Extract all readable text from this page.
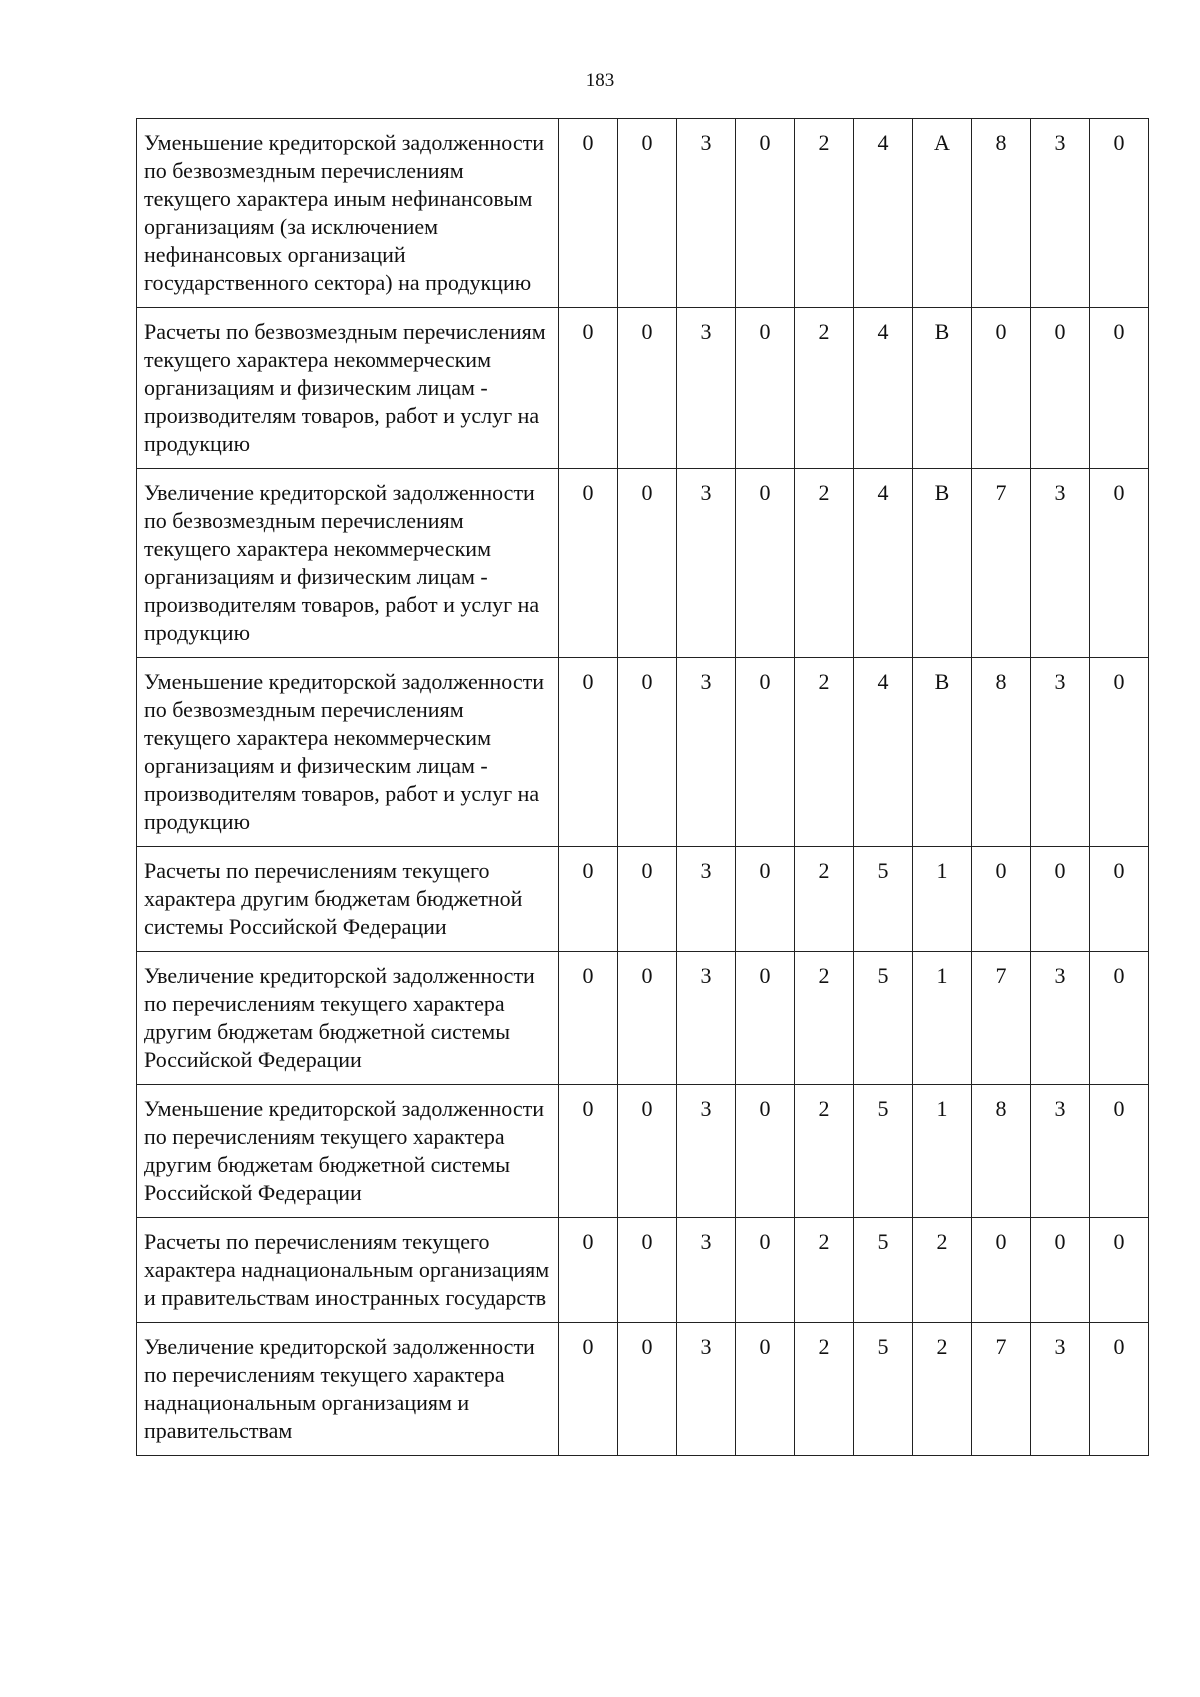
183
Уменьшение кредиторской задолженности по безвозмездным перечислениям текущего характера иным нефинансовым организациям (за исключением нефинансовых организаций государственного сектора) на продукцию	0	0	3	0	2	4	А	8	3	0
Расчеты по безвозмездным перечислениям текущего характера некоммерческим организациям и физическим лицам - производителям товаров, работ и услуг на продукцию	0	0	3	0	2	4	В	0	0	0
Увеличение кредиторской задолженности по безвозмездным перечислениям текущего характера некоммерческим организациям и физическим лицам - производителям товаров, работ и услуг на продукцию	0	0	3	0	2	4	В	7	3	0
Уменьшение кредиторской задолженности по безвозмездным перечислениям текущего характера некоммерческим организациям и физическим лицам - производителям товаров, работ и услуг на продукцию	0	0	3	0	2	4	В	8	3	0
Расчеты по перечислениям текущего характера другим бюджетам бюджетной системы Российской Федерации	0	0	3	0	2	5	1	0	0	0
Увеличение кредиторской задолженности по перечислениям текущего характера другим бюджетам бюджетной системы Российской Федерации	0	0	3	0	2	5	1	7	3	0
Уменьшение кредиторской задолженности по перечислениям текущего характера другим бюджетам бюджетной системы Российской Федерации	0	0	3	0	2	5	1	8	3	0
Расчеты по перечислениям текущего характера наднациональным организациям и правительствам иностранных государств	0	0	3	0	2	5	2	0	0	0
Увеличение кредиторской задолженности по перечислениям текущего характера наднациональным организациям и правительствам	0	0	3	0	2	5	2	7	3	0
